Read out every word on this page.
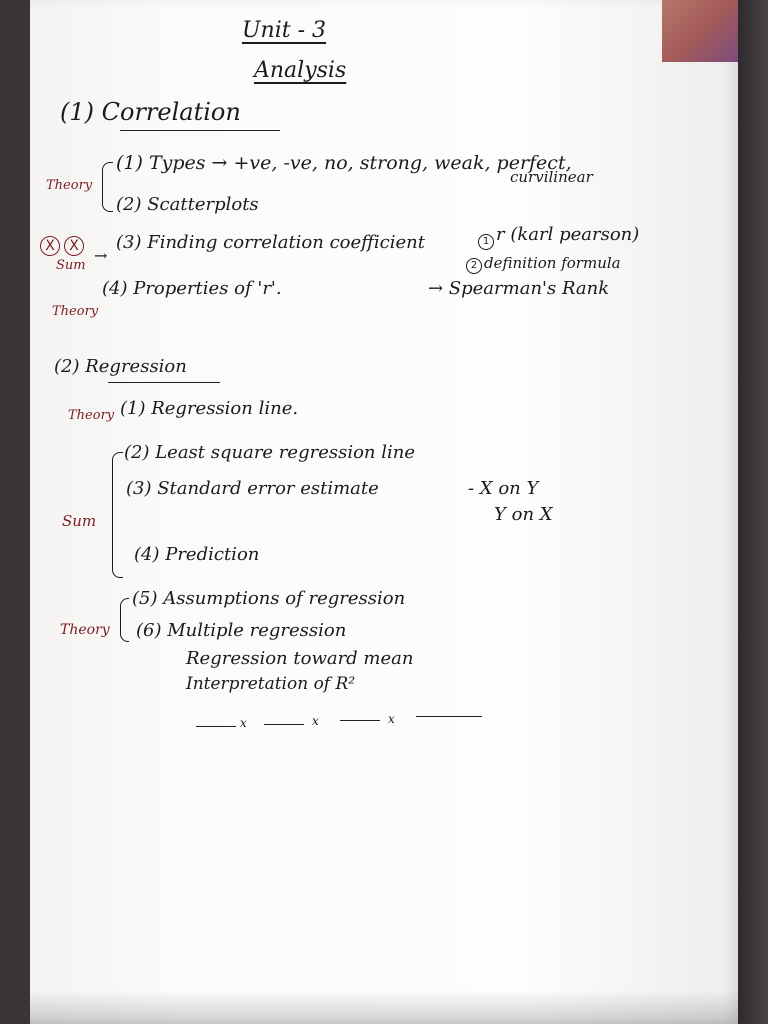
Unit - 3
Analysis
(1) Correlation
Theory
(1) Types → +ve, -ve, no, strong, weak, perfect,
curvilinear
(2) Scatterplots
X	X
Sum
→
(3) Finding correlation coefficient	1 r (karl pearson)
2 definition formula
(4) Properties of 'r'.	→ Spearman's Rank
Theory
(2) Regression
Theory (1) Regression line.
(2) Least square regression line
(3) Standard error estimate	- X on Y
Y on X
Sum
(4) Prediction
Theory
(5) Assumptions of regression
(6) Multiple regression
Regression toward mean
Interpretation of R²
x	x	x
